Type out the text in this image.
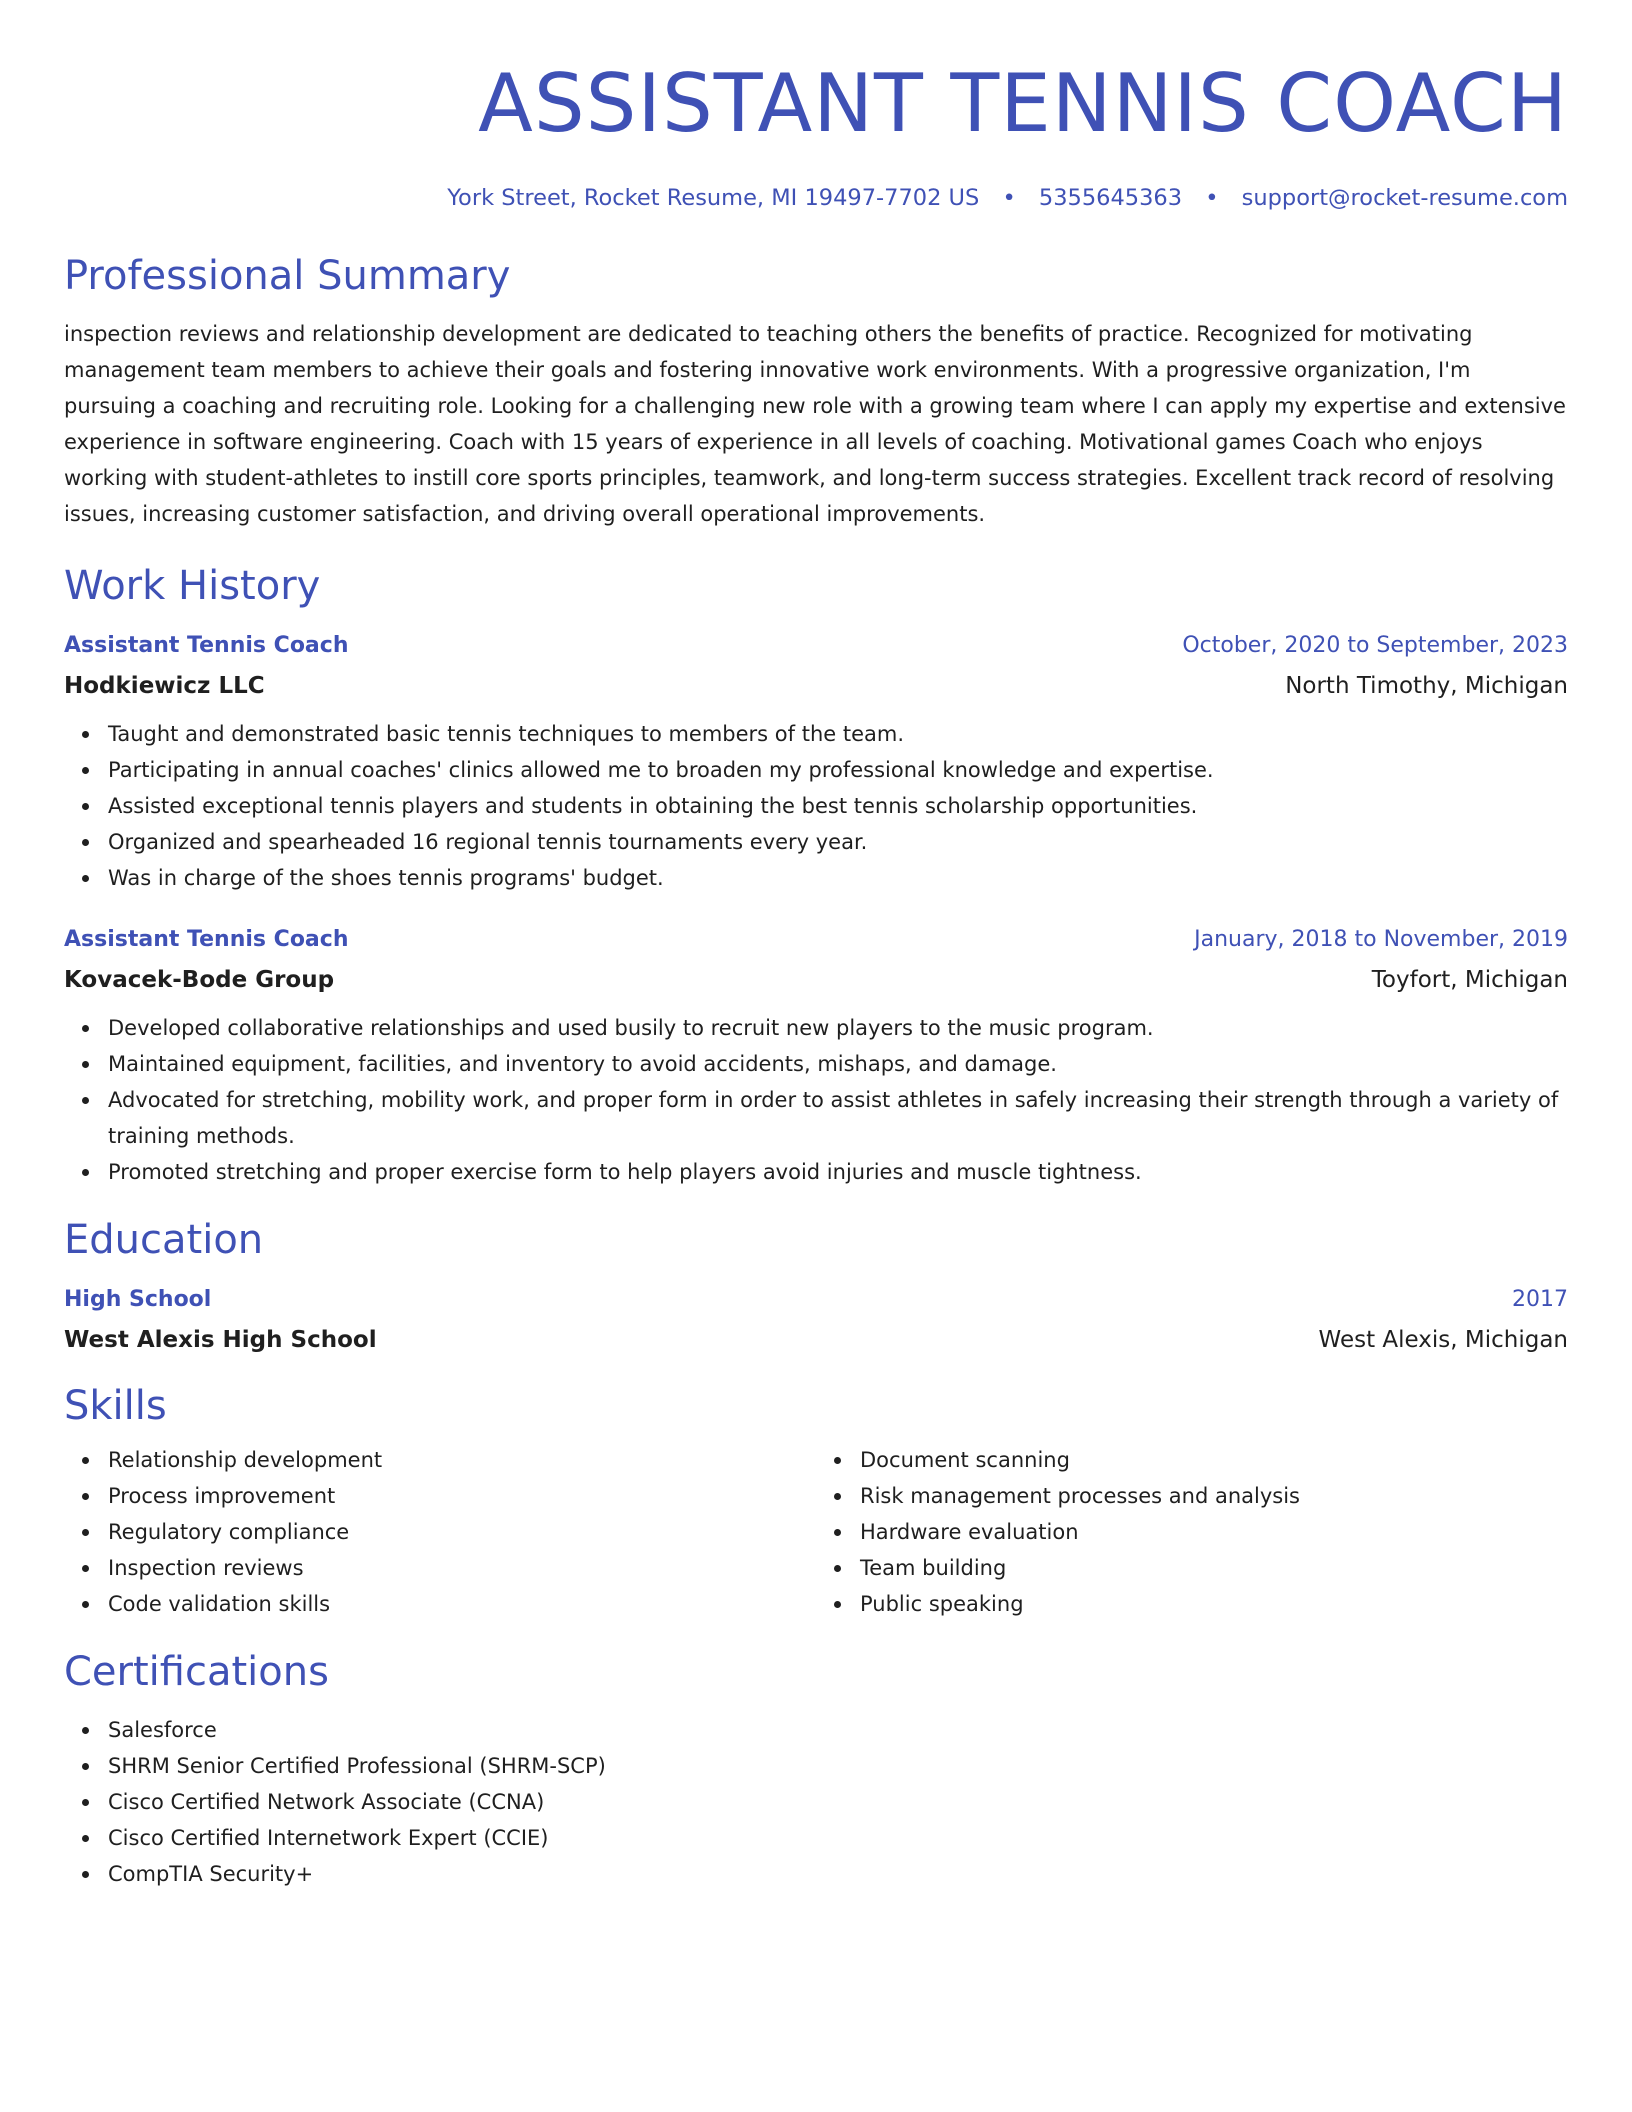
ASSISTANT TENNIS COACH
York Street, Rocket Resume, MI 19497-7702 US • 5355645363 • support@rocket-resume.com
Professional Summary

inspection reviews and relationship development are dedicated to teaching others the benefits of practice. Recognized for motivating management team members to achieve their goals and fostering innovative work environments. With a progressive organization, I'm pursuing a coaching and recruiting role. Looking for a challenging new role with a growing team where I can apply my expertise and extensive experience in software engineering. Coach with 15 years of experience in all levels of coaching. Motivational games Coach who enjoys working with student-athletes to instill core sports principles, teamwork, and long-term success strategies. Excellent track record of resolving issues, increasing customer satisfaction, and driving overall operational improvements.

Work History
Assistant Tennis Coach	October, 2020 to September, 2023
Hodkiewicz LLC	North Timothy, Michigan
Taught and demonstrated basic tennis techniques to members of the team.
Participating in annual coaches' clinics allowed me to broaden my professional knowledge and expertise.
Assisted exceptional tennis players and students in obtaining the best tennis scholarship opportunities.
Organized and spearheaded 16 regional tennis tournaments every year.
Was in charge of the shoes tennis programs' budget.
Assistant Tennis Coach	January, 2018 to November, 2019
Kovacek-Bode Group	Toyfort, Michigan
Developed collaborative relationships and used busily to recruit new players to the music program.
Maintained equipment, facilities, and inventory to avoid accidents, mishaps, and damage.
Advocated for stretching, mobility work, and proper form in order to assist athletes in safely increasing their strength through a variety of training methods.
Promoted stretching and proper exercise form to help players avoid injuries and muscle tightness.
Education
High School	2017
West Alexis High School	West Alexis, Michigan
Skills
Relationship development
Process improvement
Regulatory compliance
Inspection reviews
Code validation skills
Document scanning
Risk management processes and analysis
Hardware evaluation
Team building
Public speaking
Certifications
Salesforce
SHRM Senior Certified Professional (SHRM-SCP)
Cisco Certified Network Associate (CCNA)
Cisco Certified Internetwork Expert (CCIE)
CompTIA Security+
